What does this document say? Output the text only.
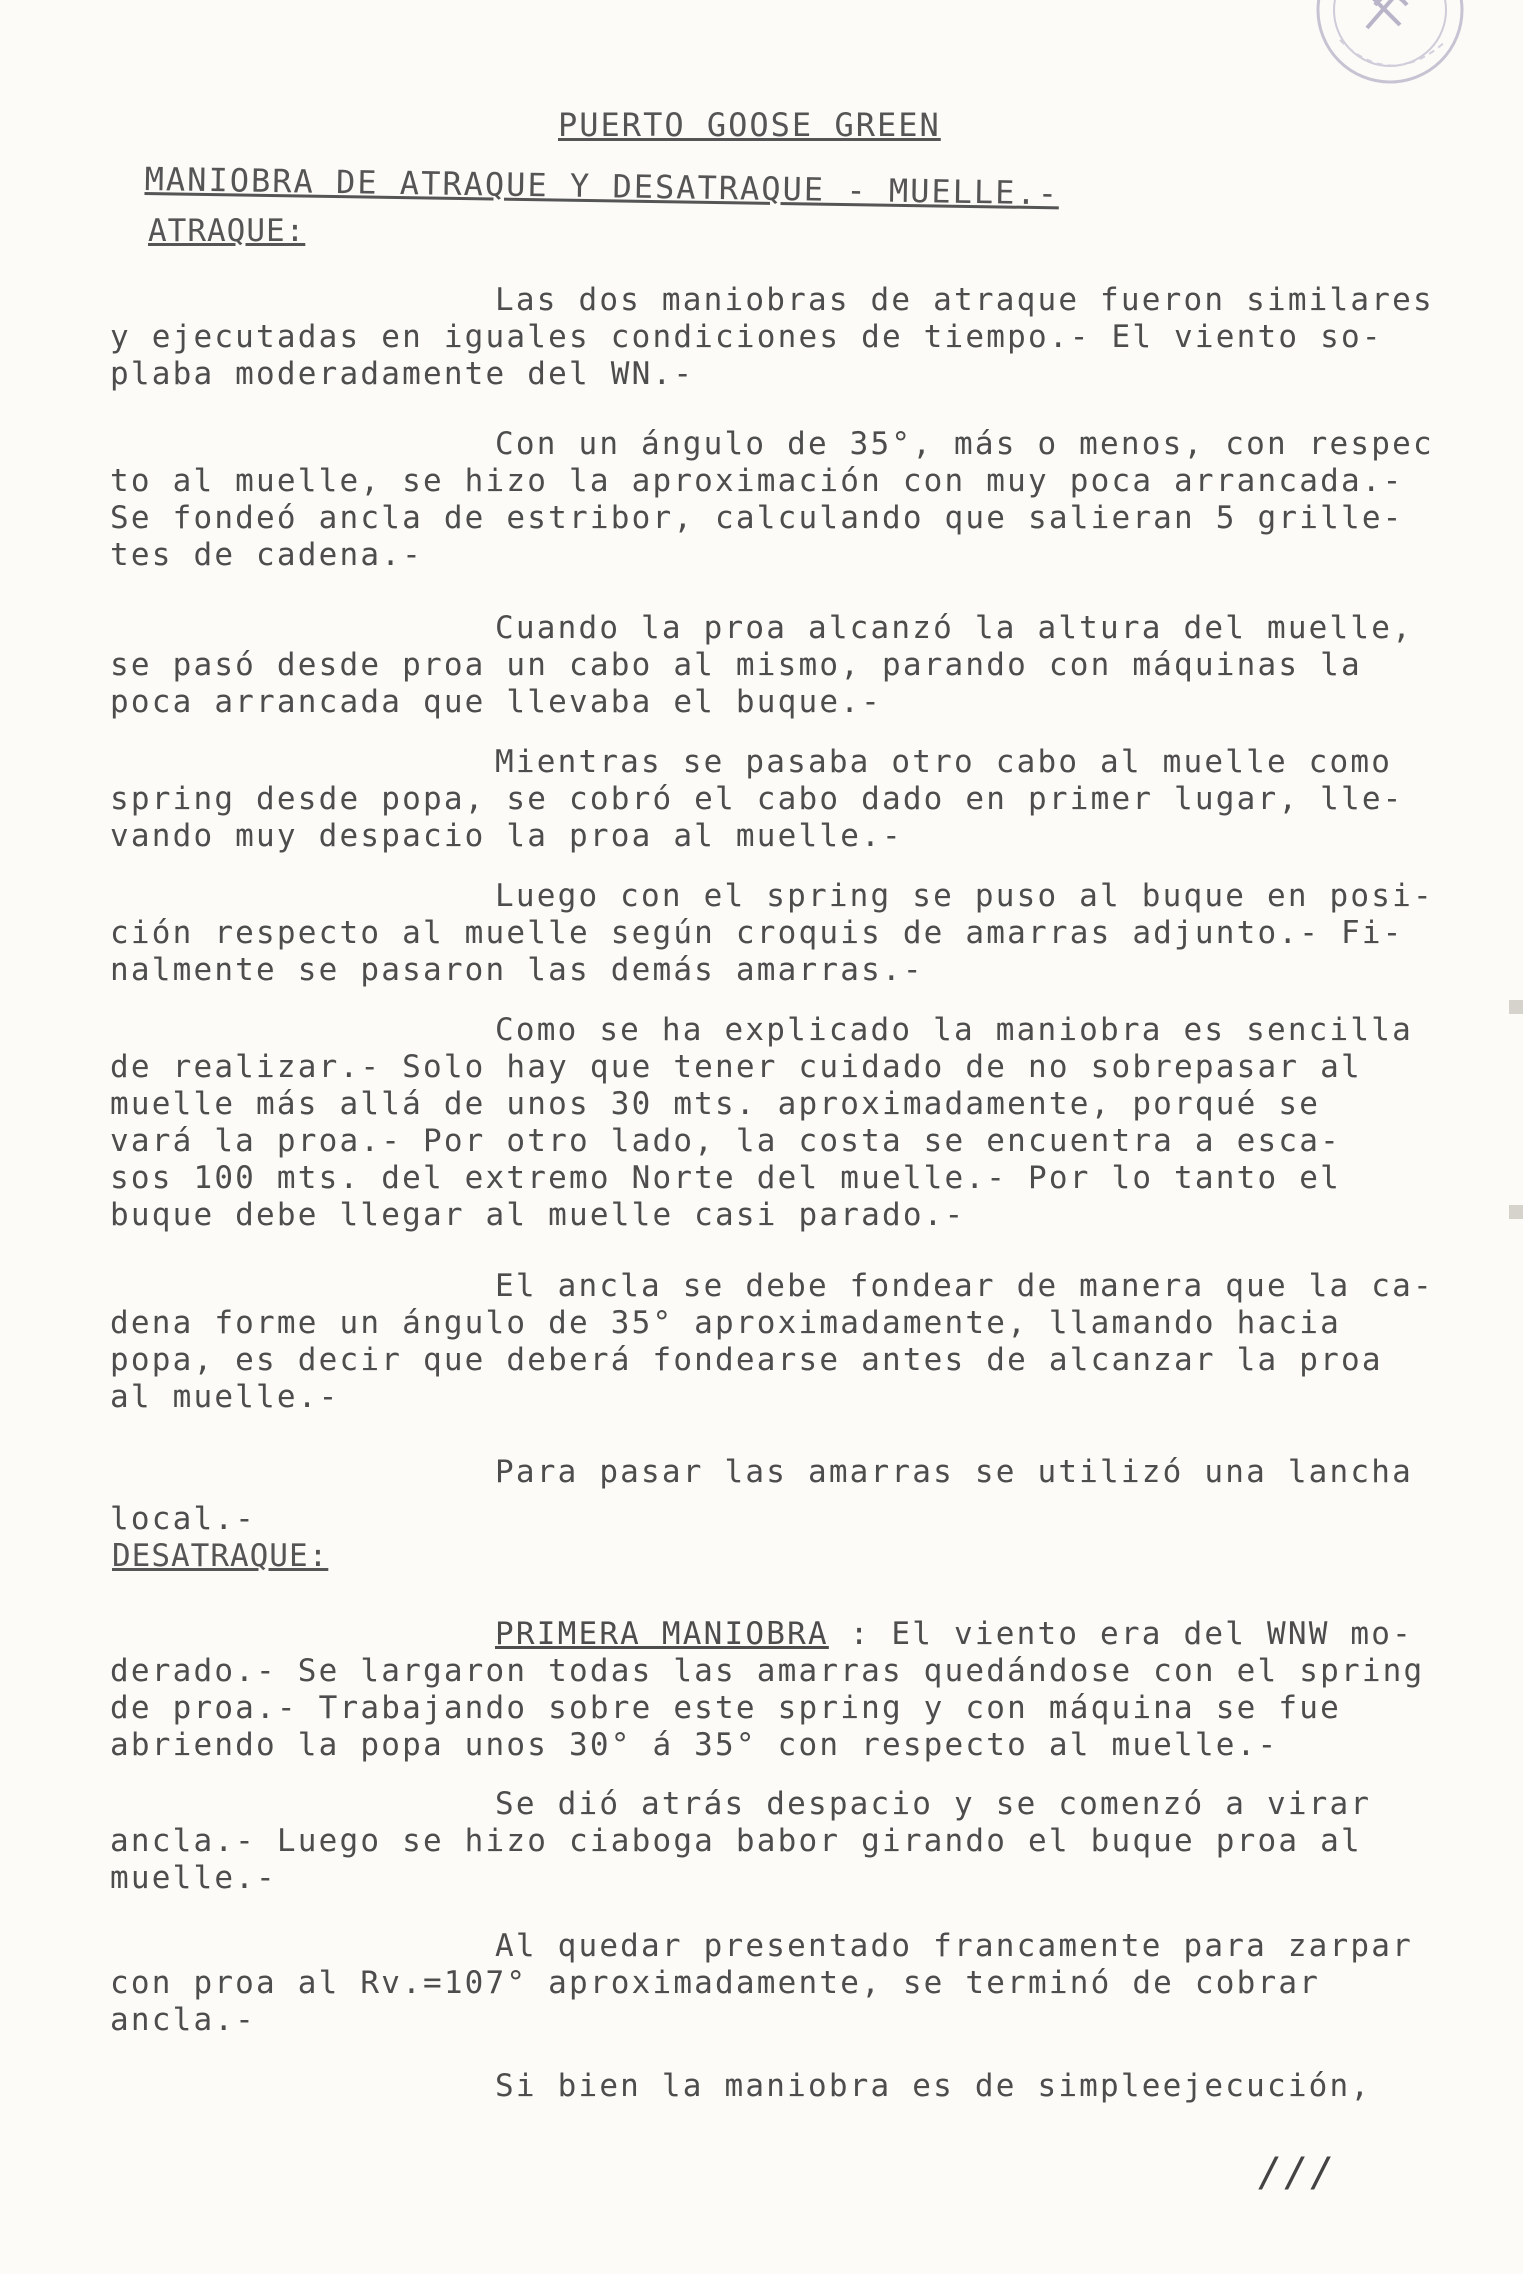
PUERTO GOOSE GREEN
MANIOBRA DE ATRAQUE Y DESATRAQUE - MUELLE.-
ATRAQUE:
Las dos maniobras de atraque fueron similares
y ejecutadas en iguales condiciones de tiempo.- El viento so-
plaba moderadamente del WN.-
Con un ángulo de 35°, más o menos, con respec
to al muelle, se hizo la aproximación con muy poca arrancada.-
Se fondeó ancla de estribor, calculando que salieran 5 grille-
tes de cadena.-
Cuando la proa alcanzó la altura del muelle,
se pasó desde proa un cabo al mismo, parando con máquinas la
poca arrancada que llevaba el buque.-
Mientras se pasaba otro cabo al muelle como
spring desde popa, se cobró el cabo dado en primer lugar, lle-
vando muy despacio la proa al muelle.-
Luego con el spring se puso al buque en posi-
ción respecto al muelle según croquis de amarras adjunto.- Fi-
nalmente se pasaron las demás amarras.-
Como se ha explicado la maniobra es sencilla
de realizar.- Solo hay que tener cuidado de no sobrepasar al
muelle más allá de unos 30 mts. aproximadamente, porqué se
vará la proa.- Por otro lado, la costa se encuentra a esca-
sos 100 mts. del extremo Norte del muelle.- Por lo tanto el
buque debe llegar al muelle casi parado.-
El ancla se debe fondear de manera que la ca-
dena forme un ángulo de 35° aproximadamente, llamando hacia
popa, es decir que deberá fondearse antes de alcanzar la proa
al muelle.-
Para pasar las amarras se utilizó una lancha
local.-
DESATRAQUE:
PRIMERA MANIOBRA : El viento era del WNW mo-
derado.- Se largaron todas las amarras quedándose con el spring
de proa.- Trabajando sobre este spring y con máquina se fue
abriendo la popa unos 30° á 35° con respecto al muelle.-
Se dió atrás despacio y se comenzó a virar
ancla.- Luego se hizo ciaboga babor girando el buque proa al
muelle.-
Al quedar presentado francamente para zarpar
con proa al Rv.=107° aproximadamente, se terminó de cobrar
ancla.-
Si bien la maniobra es de simpleejecución,
///
